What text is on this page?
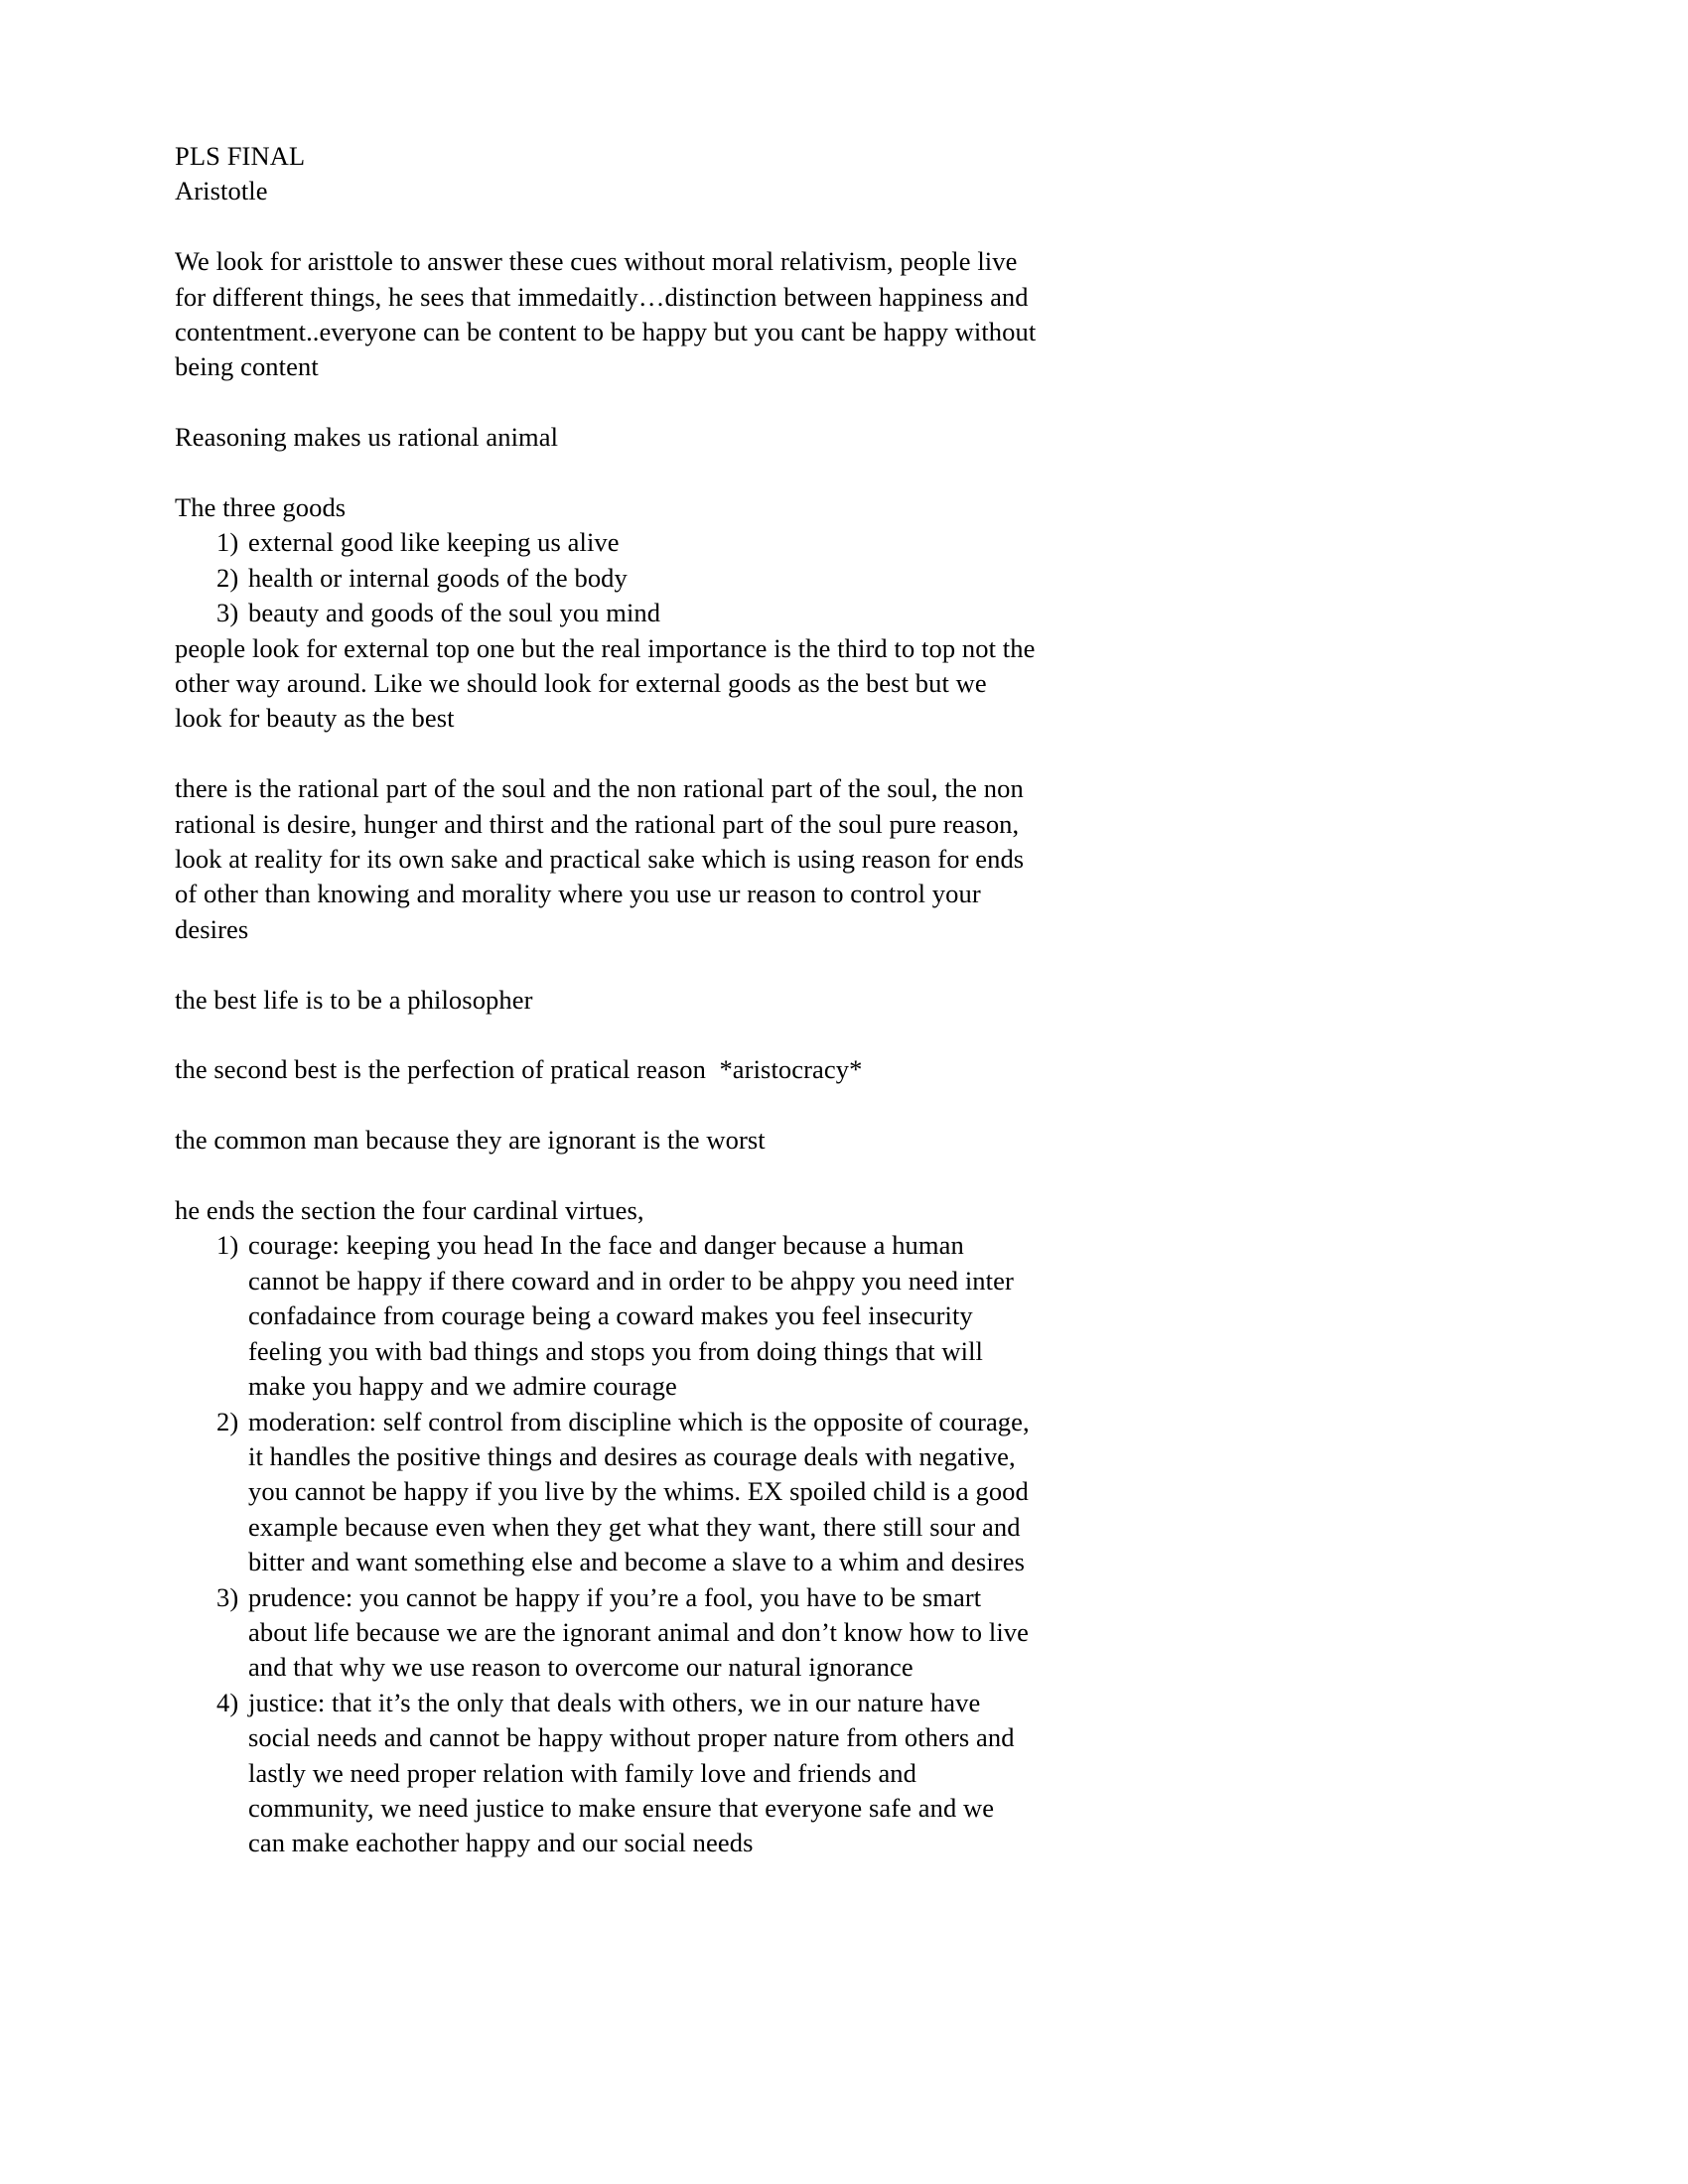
PLS FINAL
Aristotle

We look for aristtole to answer these cues without moral relativism, people live for different things, he sees that immedaitly…distinction between happiness and contentment..everyone can be content to be happy but you cant be happy without being content

Reasoning makes us rational animal

The three goods

1) external good like keeping us alive
2) health or internal goods of the body
3) beauty and goods of the soul you mind

people look for external top one but the real importance is the third to top not the other way around. Like we should look for external goods as the best but we look for beauty as the best

there is the rational part of the soul and the non rational part of the soul, the non rational is desire, hunger and thirst and the rational part of the soul pure reason, look at reality for its own sake and practical sake which is using reason for ends of other than knowing and morality where you use ur reason to control your desires

the best life is to be a philosopher

the second best is the perfection of pratical reason  *aristocracy*

the common man because they are ignorant is the worst

he ends the section the four cardinal virtues,

1) courage: keeping you head In the face and danger because a human cannot be happy if there coward and in order to be ahppy you need inter confadaince from courage being a coward makes you feel insecurity feeling you with bad things and stops you from doing things that will make you happy and we admire courage
2) moderation: self control from discipline which is the opposite of courage, it handles the positive things and desires as courage deals with negative, you cannot be happy if you live by the whims. EX spoiled child is a good example because even when they get what they want, there still sour and bitter and want something else and become a slave to a whim and desires
3) prudence: you cannot be happy if you’re a fool, you have to be smart about life because we are the ignorant animal and don’t know how to live and that why we use reason to overcome our natural ignorance
4) justice: that it’s the only that deals with others, we in our nature have social needs and cannot be happy without proper nature from others and lastly we need proper relation with family love and friends and community, we need justice to make ensure that everyone safe and we can make eachother happy and our social needs
